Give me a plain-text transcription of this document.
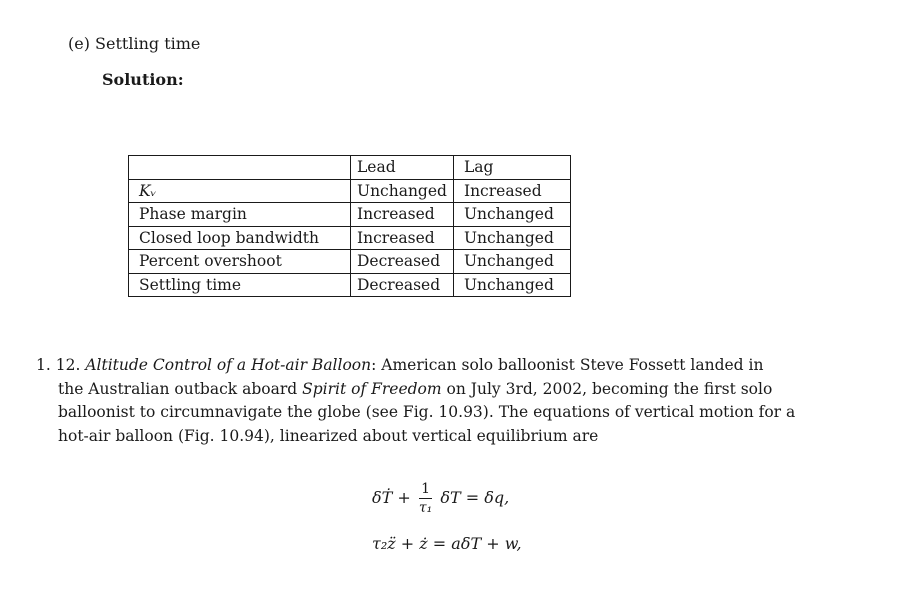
(e) Settling time
Solution:
	Lead	Lag
Kᵥ	Unchanged	Increased
Phase margin	Increased	Unchanged
Closed loop bandwidth	Increased	Unchanged
Percent overshoot	Decreased	Unchanged
Settling time	Decreased	Unchanged
1. 12. Altitude Control of a Hot-air Balloon: American solo balloonist Steve Fossett landed in
the Australian outback aboard Spirit of Freedom on July 3rd, 2002, becoming the first solo
balloonist to circumnavigate the globe (see Fig. 10.93). The equations of vertical motion for a
hot-air balloon (Fig. 10.94), linearized about vertical equilibrium are
δṪ + $\frac{1}{\text{τ₁}}$ δT = δq,
τ₂z̈ + ż = aδT + w,
